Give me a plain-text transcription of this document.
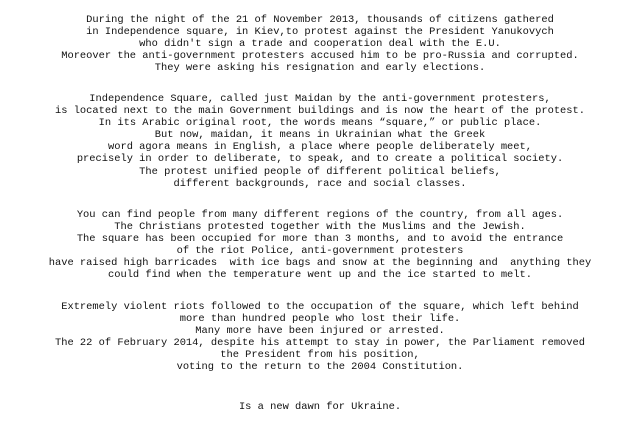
During the night of the 21 of November 2013, thousands of citizens gathered
in Independence square, in Kiev,to protest against the President Yanukovych
who didn't sign a trade and cooperation deal with the E.U.
Moreover the anti-government protesters accused him to be pro-Russia and corrupted.
They were asking his resignation and early elections.
Independence Square, called just Maidan by the anti-government protesters,
is located next to the main Government buildings and is now the heart of the protest.
In its Arabic original root, the words means “square,” or public place.
But now, maidan, it means in Ukrainian what the Greek
word agora means in English, a place where people deliberately meet,
precisely in order to deliberate, to speak, and to create a political society.
The protest unified people of different political beliefs,
different backgrounds, race and social classes.
You can find people from many different regions of the country, from all ages.
The Christians protested together with the Muslims and the Jewish.
The square has been occupied for more than 3 months, and to avoid the entrance
of the riot Police, anti-government protesters
have raised high barricades  with ice bags and snow at the beginning and  anything they
could find when the temperature went up and the ice started to melt.
Extremely violent riots followed to the occupation of the square, which left behind
more than hundred people who lost their life.
Many more have been injured or arrested.
The 22 of February 2014, despite his attempt to stay in power, the Parliament removed
the President from his position,
voting to the return to the 2004 Constitution.
Is a new dawn for Ukraine.
